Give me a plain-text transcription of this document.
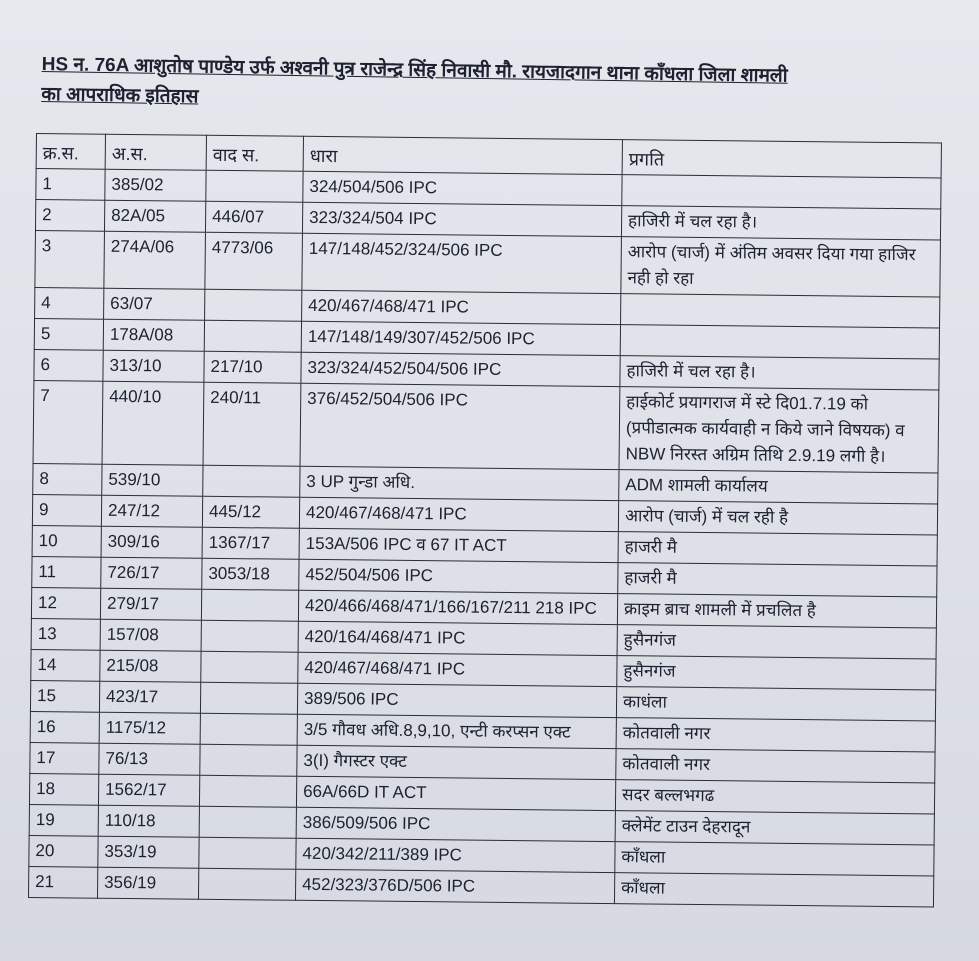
HS न. 76A आशुतोष पाण्डेय उर्फ अश्वनी पुत्र राजेन्द्र सिंह निवासी मौ. रायजादगान थाना काँधला जिला शामली
का आपराधिक इतिहास
क्र.स.	अ.स.	वाद स.	धारा	प्रगति
1	385/02		324/504/506 IPC	
2	82A/05	446/07	323/324/504 IPC	हाजिरी में चल रहा है।
3	274A/06	4773/06	147/148/452/324/506 IPC	आरोप (चार्ज) में अंतिम अवसर दिया गया हाजिर नही हो रहा
4	63/07		420/467/468/471 IPC	
5	178A/08		147/148/149/307/452/506 IPC	
6	313/10	217/10	323/324/452/504/506 IPC	हाजिरी में चल रहा है।
7	440/10	240/11	376/452/504/506 IPC	हाईकोर्ट प्रयागराज में स्टे दि01.7.19 को (प्रपीडात्मक कार्यवाही न किये जाने विषयक) व NBW निरस्त अग्रिम तिथि 2.9.19 लगी है।
8	539/10		3 UP गुन्डा अधि.	ADM शामली कार्यालय
9	247/12	445/12	420/467/468/471 IPC	आरोप (चार्ज) में चल रही है
10	309/16	1367/17	153A/506 IPC व 67 IT ACT	हाजरी मै
11	726/17	3053/18	452/504/506 IPC	हाजरी मै
12	279/17		420/466/468/471/166/167/211 218 IPC	क्राइम ब्राच शामली में प्रचलित है
13	157/08		420/164/468/471 IPC	हुसैनगंज
14	215/08		420/467/468/471 IPC	हुसैनगंज
15	423/17		389/506 IPC	काधंला
16	1175/12		3/5 गौवध अधि.8,9,10, एन्टी करप्सन एक्ट	कोतवाली नगर
17	76/13		3(I) गैगस्टर एक्ट	कोतवाली नगर
18	1562/17		66A/66D IT ACT	सदर बल्लभगढ
19	110/18		386/509/506 IPC	क्लेमेंट टाउन देहरादून
20	353/19		420/342/211/389 IPC	काँधला
21	356/19		452/323/376D/506 IPC	काँधला
